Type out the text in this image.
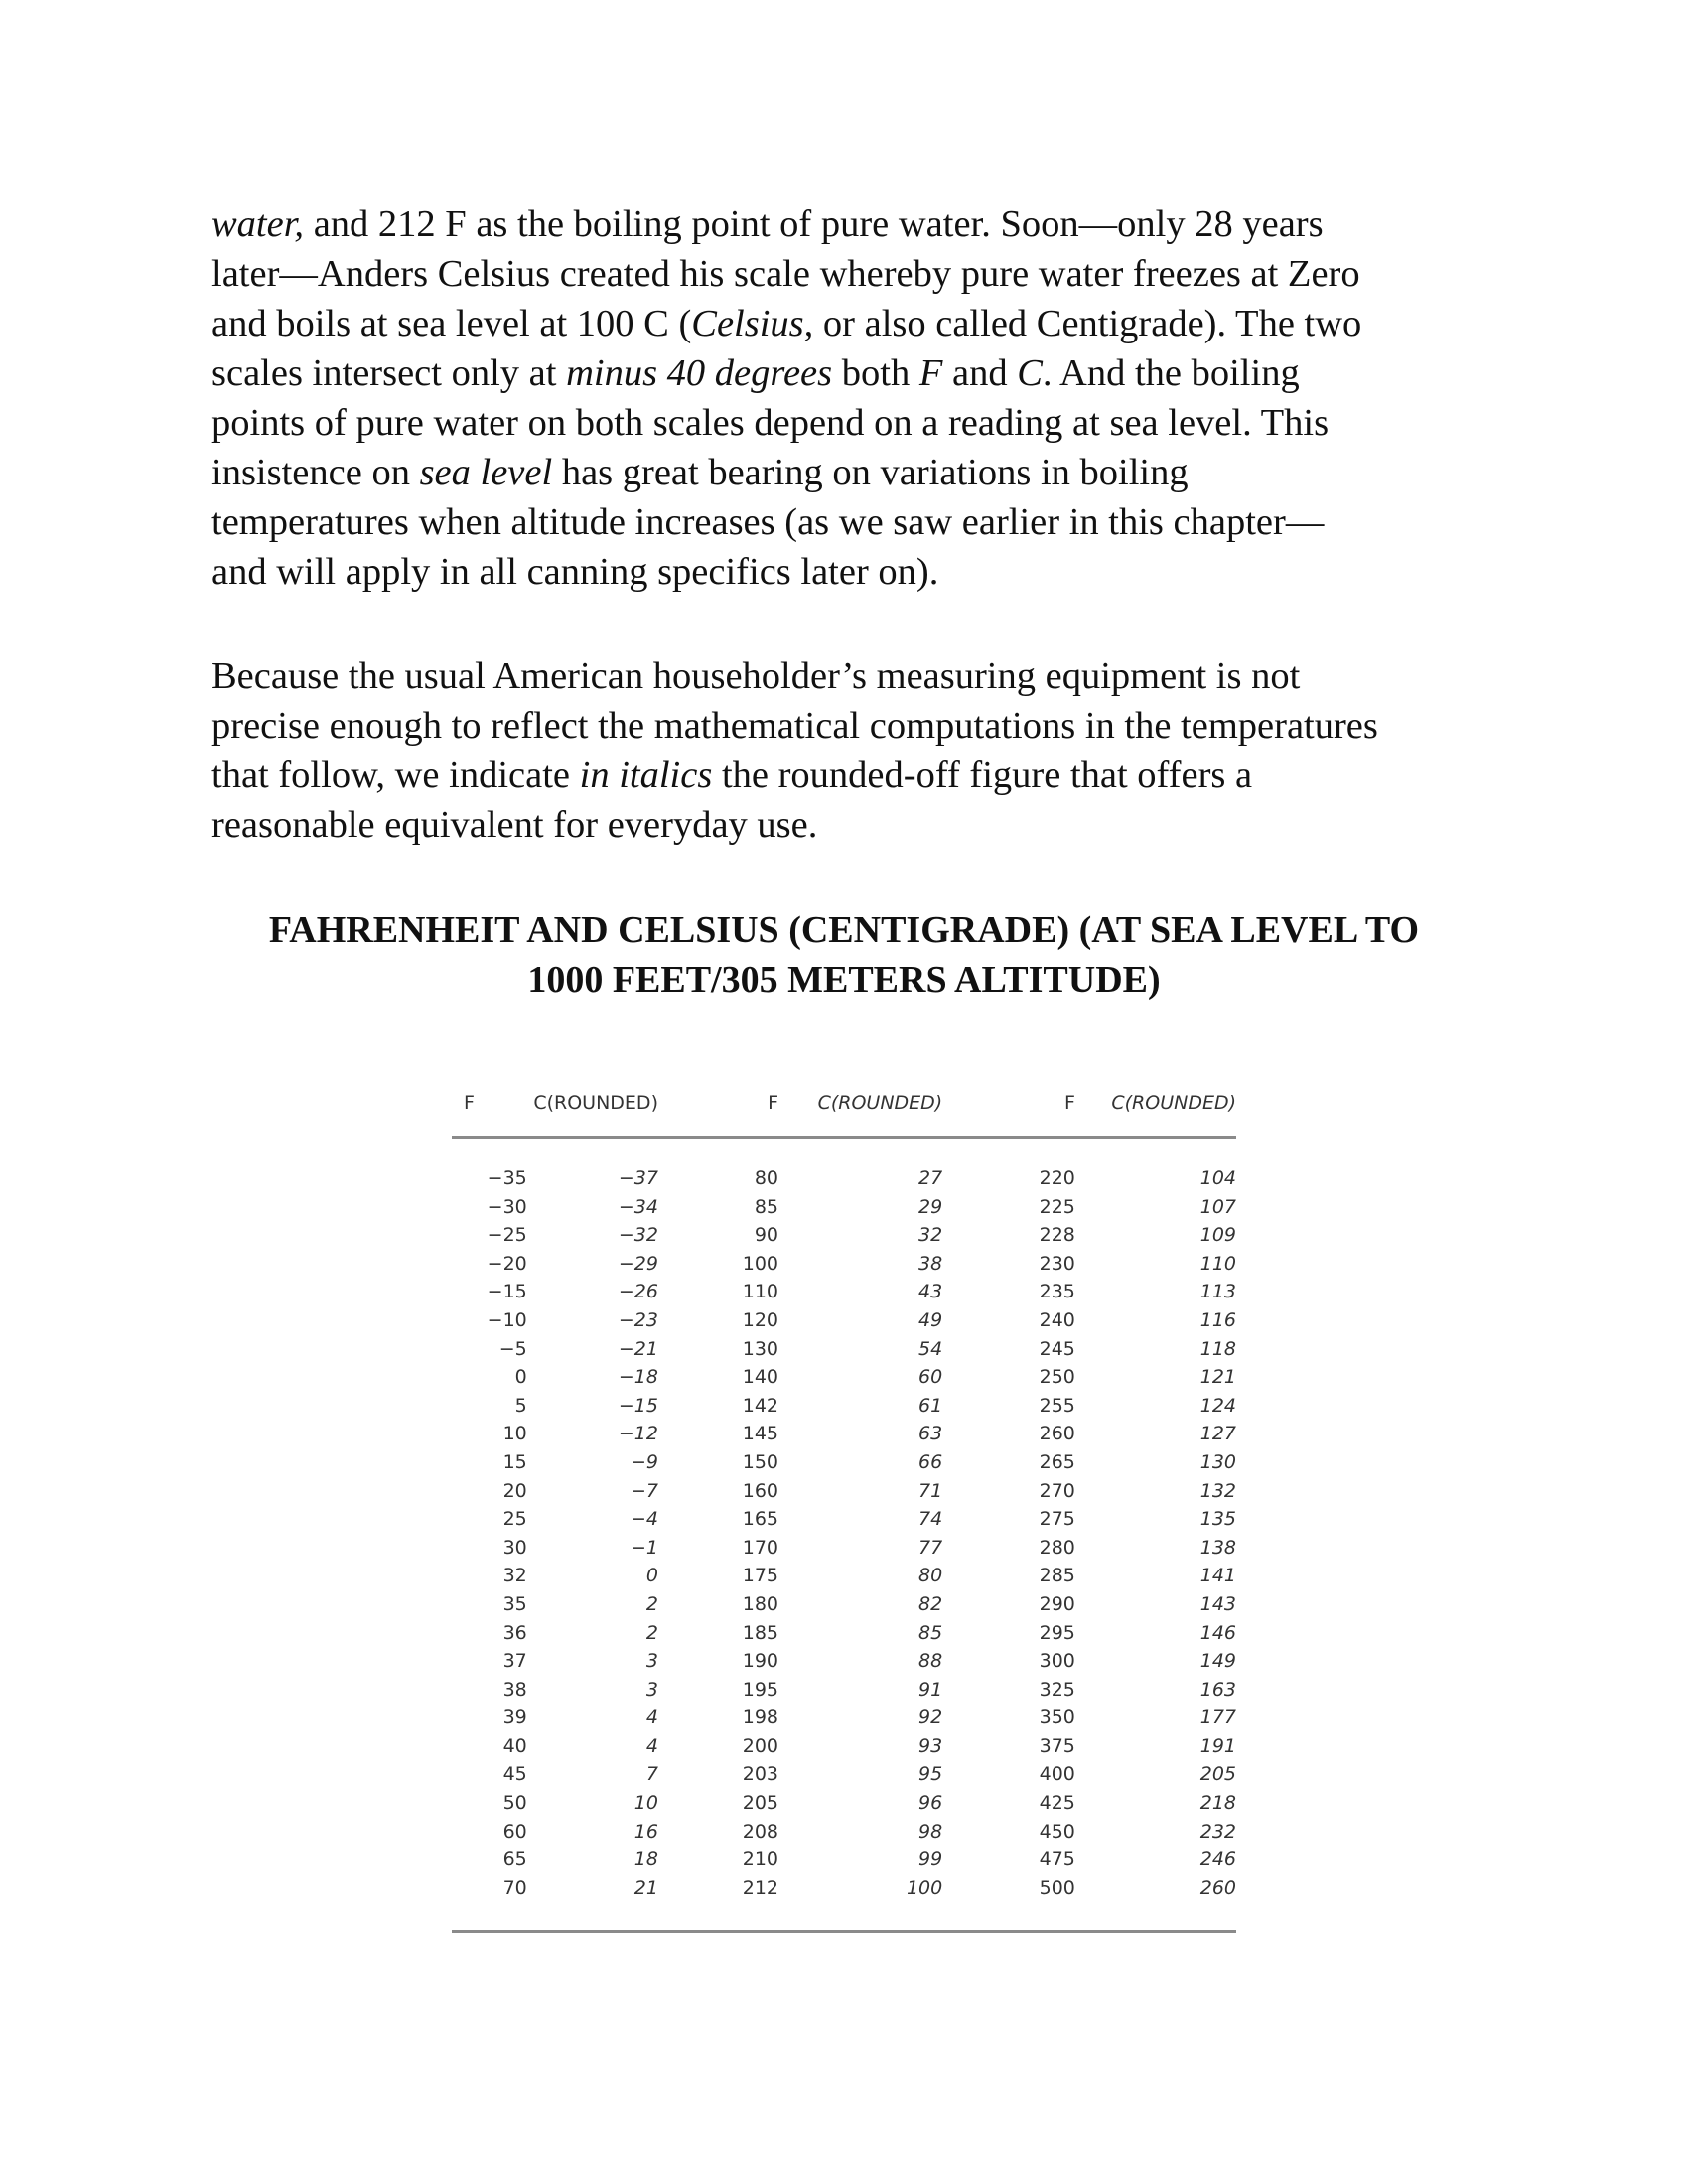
water, and 212 F as the boiling point of pure water. Soon—only 28 years
later—Anders Celsius created his scale whereby pure water freezes at Zero
and boils at sea level at 100 C (Celsius, or also called Centigrade). The two
scales intersect only at minus 40 degrees both F and C. And the boiling
points of pure water on both scales depend on a reading at sea level. This
insistence on sea level has great bearing on variations in boiling
temperatures when altitude increases (as we saw earlier in this chapter—
and will apply in all canning specifics later on).
Because the usual American householder’s measuring equipment is not
precise enough to reflect the mathematical computations in the temperatures
that follow, we indicate in italics the rounded-off figure that offers a
reasonable equivalent for everyday use.
FAHRENHEIT AND CELSIUS (CENTIGRADE) (AT SEA LEVEL TO
1000 FEET/305 METERS ALTITUDE)
F	C(ROUNDED)	F	C(ROUNDED)	F	C(ROUNDED)
−35	−37	80	27	220	104
−30	−34	85	29	225	107
−25	−32	90	32	228	109
−20	−29	100	38	230	110
−15	−26	110	43	235	113
−10	−23	120	49	240	116
−5	−21	130	54	245	118
0	−18	140	60	250	121
5	−15	142	61	255	124
10	−12	145	63	260	127
15	−9	150	66	265	130
20	−7	160	71	270	132
25	−4	165	74	275	135
30	−1	170	77	280	138
32	0	175	80	285	141
35	2	180	82	290	143
36	2	185	85	295	146
37	3	190	88	300	149
38	3	195	91	325	163
39	4	198	92	350	177
40	4	200	93	375	191
45	7	203	95	400	205
50	10	205	96	425	218
60	16	208	98	450	232
65	18	210	99	475	246
70	21	212	100	500	260
